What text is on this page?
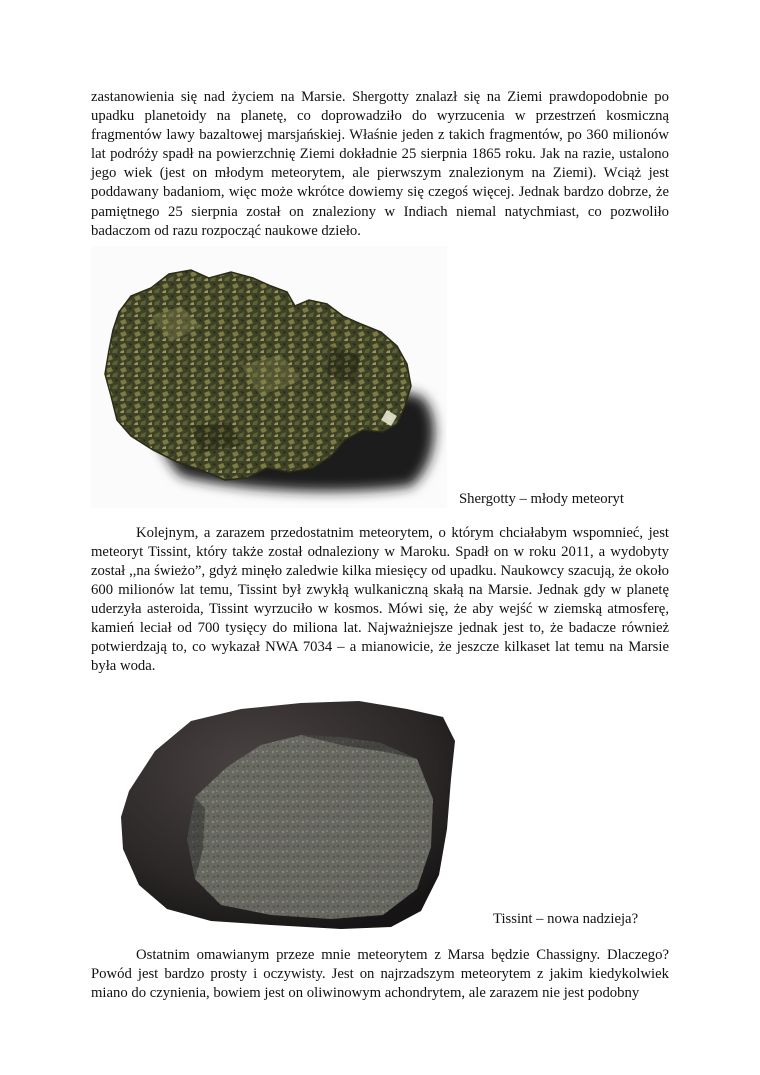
zastanowienia się nad życiem na Marsie. Shergotty znalazł się na Ziemi prawdopodobnie po upadku planetoidy na planetę, co doprowadziło do wyrzucenia w przestrzeń kosmiczną fragmentów lawy bazaltowej marsjańskiej. Właśnie jeden z takich fragmentów, po 360 milionów lat podróży spadł na powierzchnię Ziemi dokładnie 25 sierpnia 1865 roku. Jak na razie, ustalono jego wiek (jest on młodym meteorytem, ale pierwszym znalezionym na Ziemi). Wciąż jest poddawany badaniom, więc może wkrótce dowiemy się czegoś więcej. Jednak bardzo dobrze, że pamiętnego 25 sierpnia został on znaleziony w Indiach niemal natychmiast, co pozwoliło badaczom od razu rozpocząć naukowe dzieło.

Shergotty – młody meteoryt

Kolejnym, a zarazem przedostatnim meteorytem, o którym chciałabym wspomnieć, jest meteoryt Tissint, który także został odnaleziony w Maroku. Spadł on w roku 2011, a wydobyty został ,,na świeżo”, gdyż minęło zaledwie kilka miesięcy od upadku. Naukowcy szacują, że około 600 milionów lat temu, Tissint był zwykłą wulkaniczną skałą na Marsie. Jednak gdy w planetę uderzyła asteroida, Tissint wyrzuciło w kosmos. Mówi się, że aby wejść w ziemską atmosferę, kamień leciał od 700 tysięcy do miliona lat. Najważniejsze jednak jest to, że badacze również potwierdzają to, co wykazał NWA 7034 – a mianowicie, że jeszcze kilkaset lat temu na Marsie była woda.

Tissint – nowa nadzieja?

Ostatnim omawianym przeze mnie meteorytem z Marsa będzie Chassigny. Dlaczego? Powód jest bardzo prosty i oczywisty. Jest on najrzadszym meteorytem z jakim kiedykolwiek miano do czynienia, bowiem jest on oliwinowym achondrytem, ale zarazem nie jest podobny
